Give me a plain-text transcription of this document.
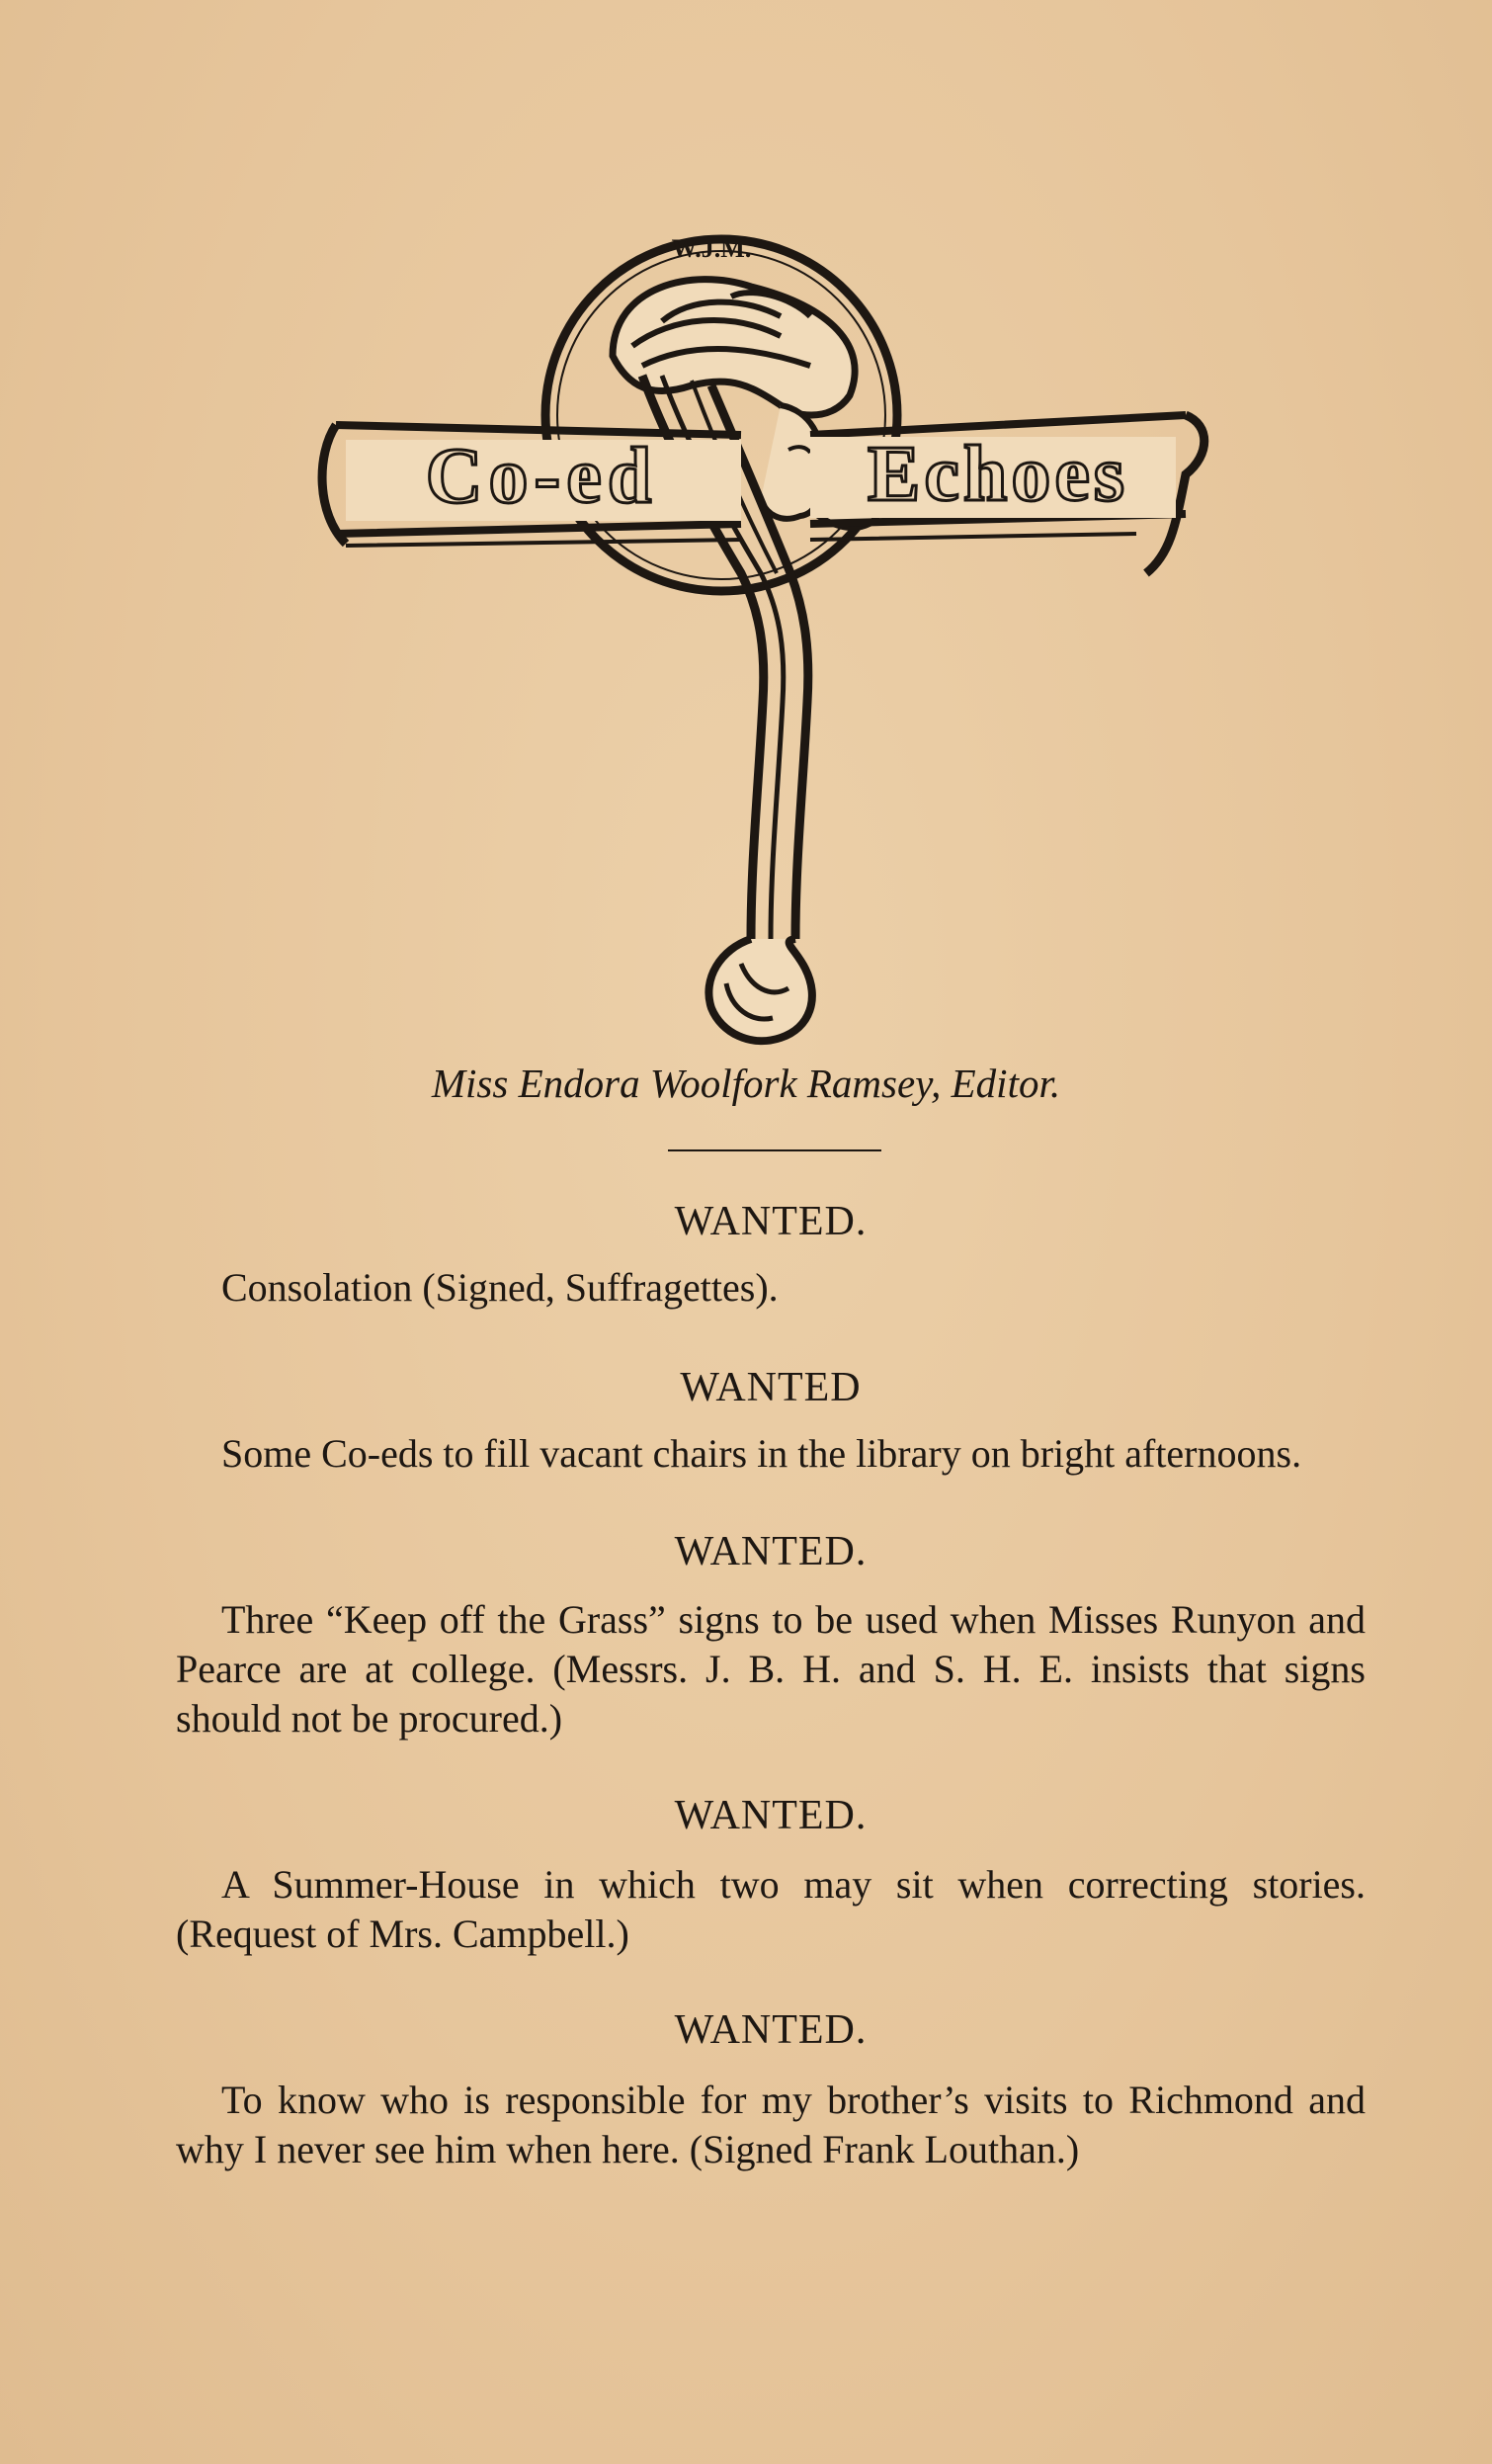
W.J.M.
Co-ed	Echoes
Miss Endora Woolfork Ramsey, Editor.
WANTED.
Consolation (Signed, Suffragettes).
WANTED
Some Co-eds to fill vacant chairs in the library on bright afternoons.
WANTED.
Three “Keep off the Grass” signs to be used when Misses Runyon and Pearce are at college. (Messrs. J. B. H. and S. H. E. insists that signs should not be procured.)
WANTED.
A Summer-House in which two may sit when correcting stories. (Request of Mrs. Campbell.)
WANTED.
To know who is responsible for my brother’s visits to Richmond and why I never see him when here. (Signed Frank Louthan.)
